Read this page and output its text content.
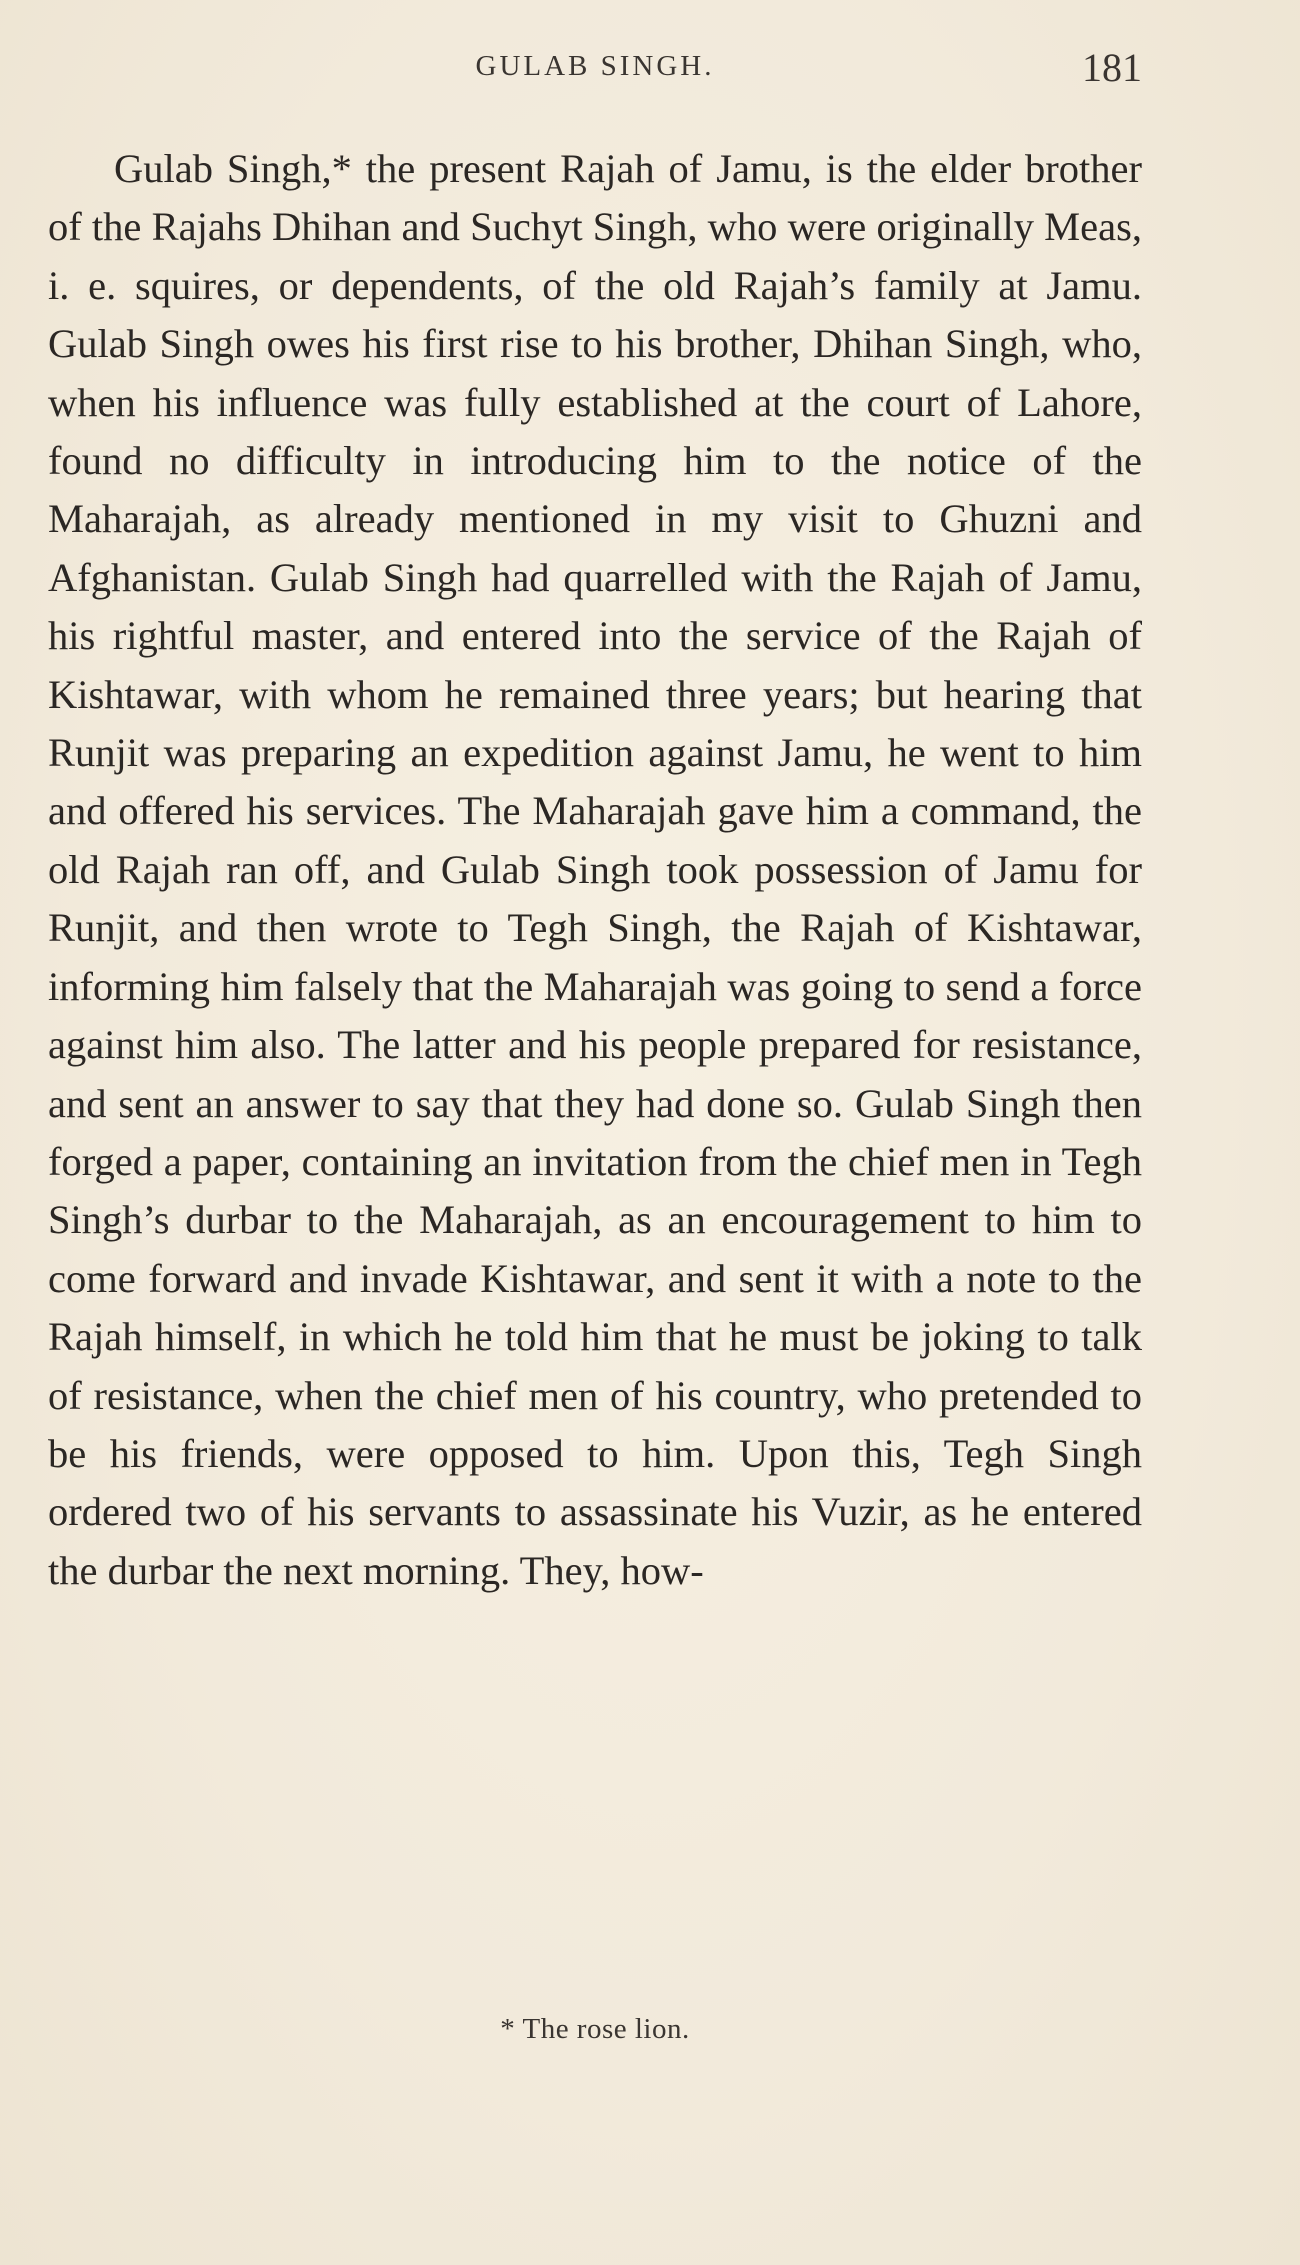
GULAB SINGH.	181

Gulab Singh,* the present Rajah of Jamu, is the elder brother of the Rajahs Dhihan and Suchyt Singh, who were originally Meas, i. e. squires, or dependents, of the old Rajah’s family at Jamu. Gulab Singh owes his first rise to his brother, Dhihan Singh, who, when his influence was fully established at the court of Lahore, found no difficulty in introducing him to the notice of the Maharajah, as already mentioned in my visit to Ghuzni and Afghanistan. Gulab Singh had quarrelled with the Rajah of Jamu, his rightful master, and entered into the service of the Rajah of Kishtawar, with whom he remained three years; but hearing that Runjit was preparing an expedition against Jamu, he went to him and offered his services. The Maharajah gave him a command, the old Rajah ran off, and Gulab Singh took possession of Jamu for Runjit, and then wrote to Tegh Singh, the Rajah of Kishtawar, informing him falsely that the Maharajah was going to send a force against him also. The latter and his people prepared for resistance, and sent an answer to say that they had done so. Gulab Singh then forged a paper, containing an invitation from the chief men in Tegh Singh’s durbar to the Maharajah, as an encouragement to him to come forward and invade Kishtawar, and sent it with a note to the Rajah himself, in which he told him that he must be joking to talk of resistance, when the chief men of his country, who pretended to be his friends, were opposed to him. Upon this, Tegh Singh ordered two of his servants to assassinate his Vuzir, as he entered the durbar the next morning. They, how-

* The rose lion.
